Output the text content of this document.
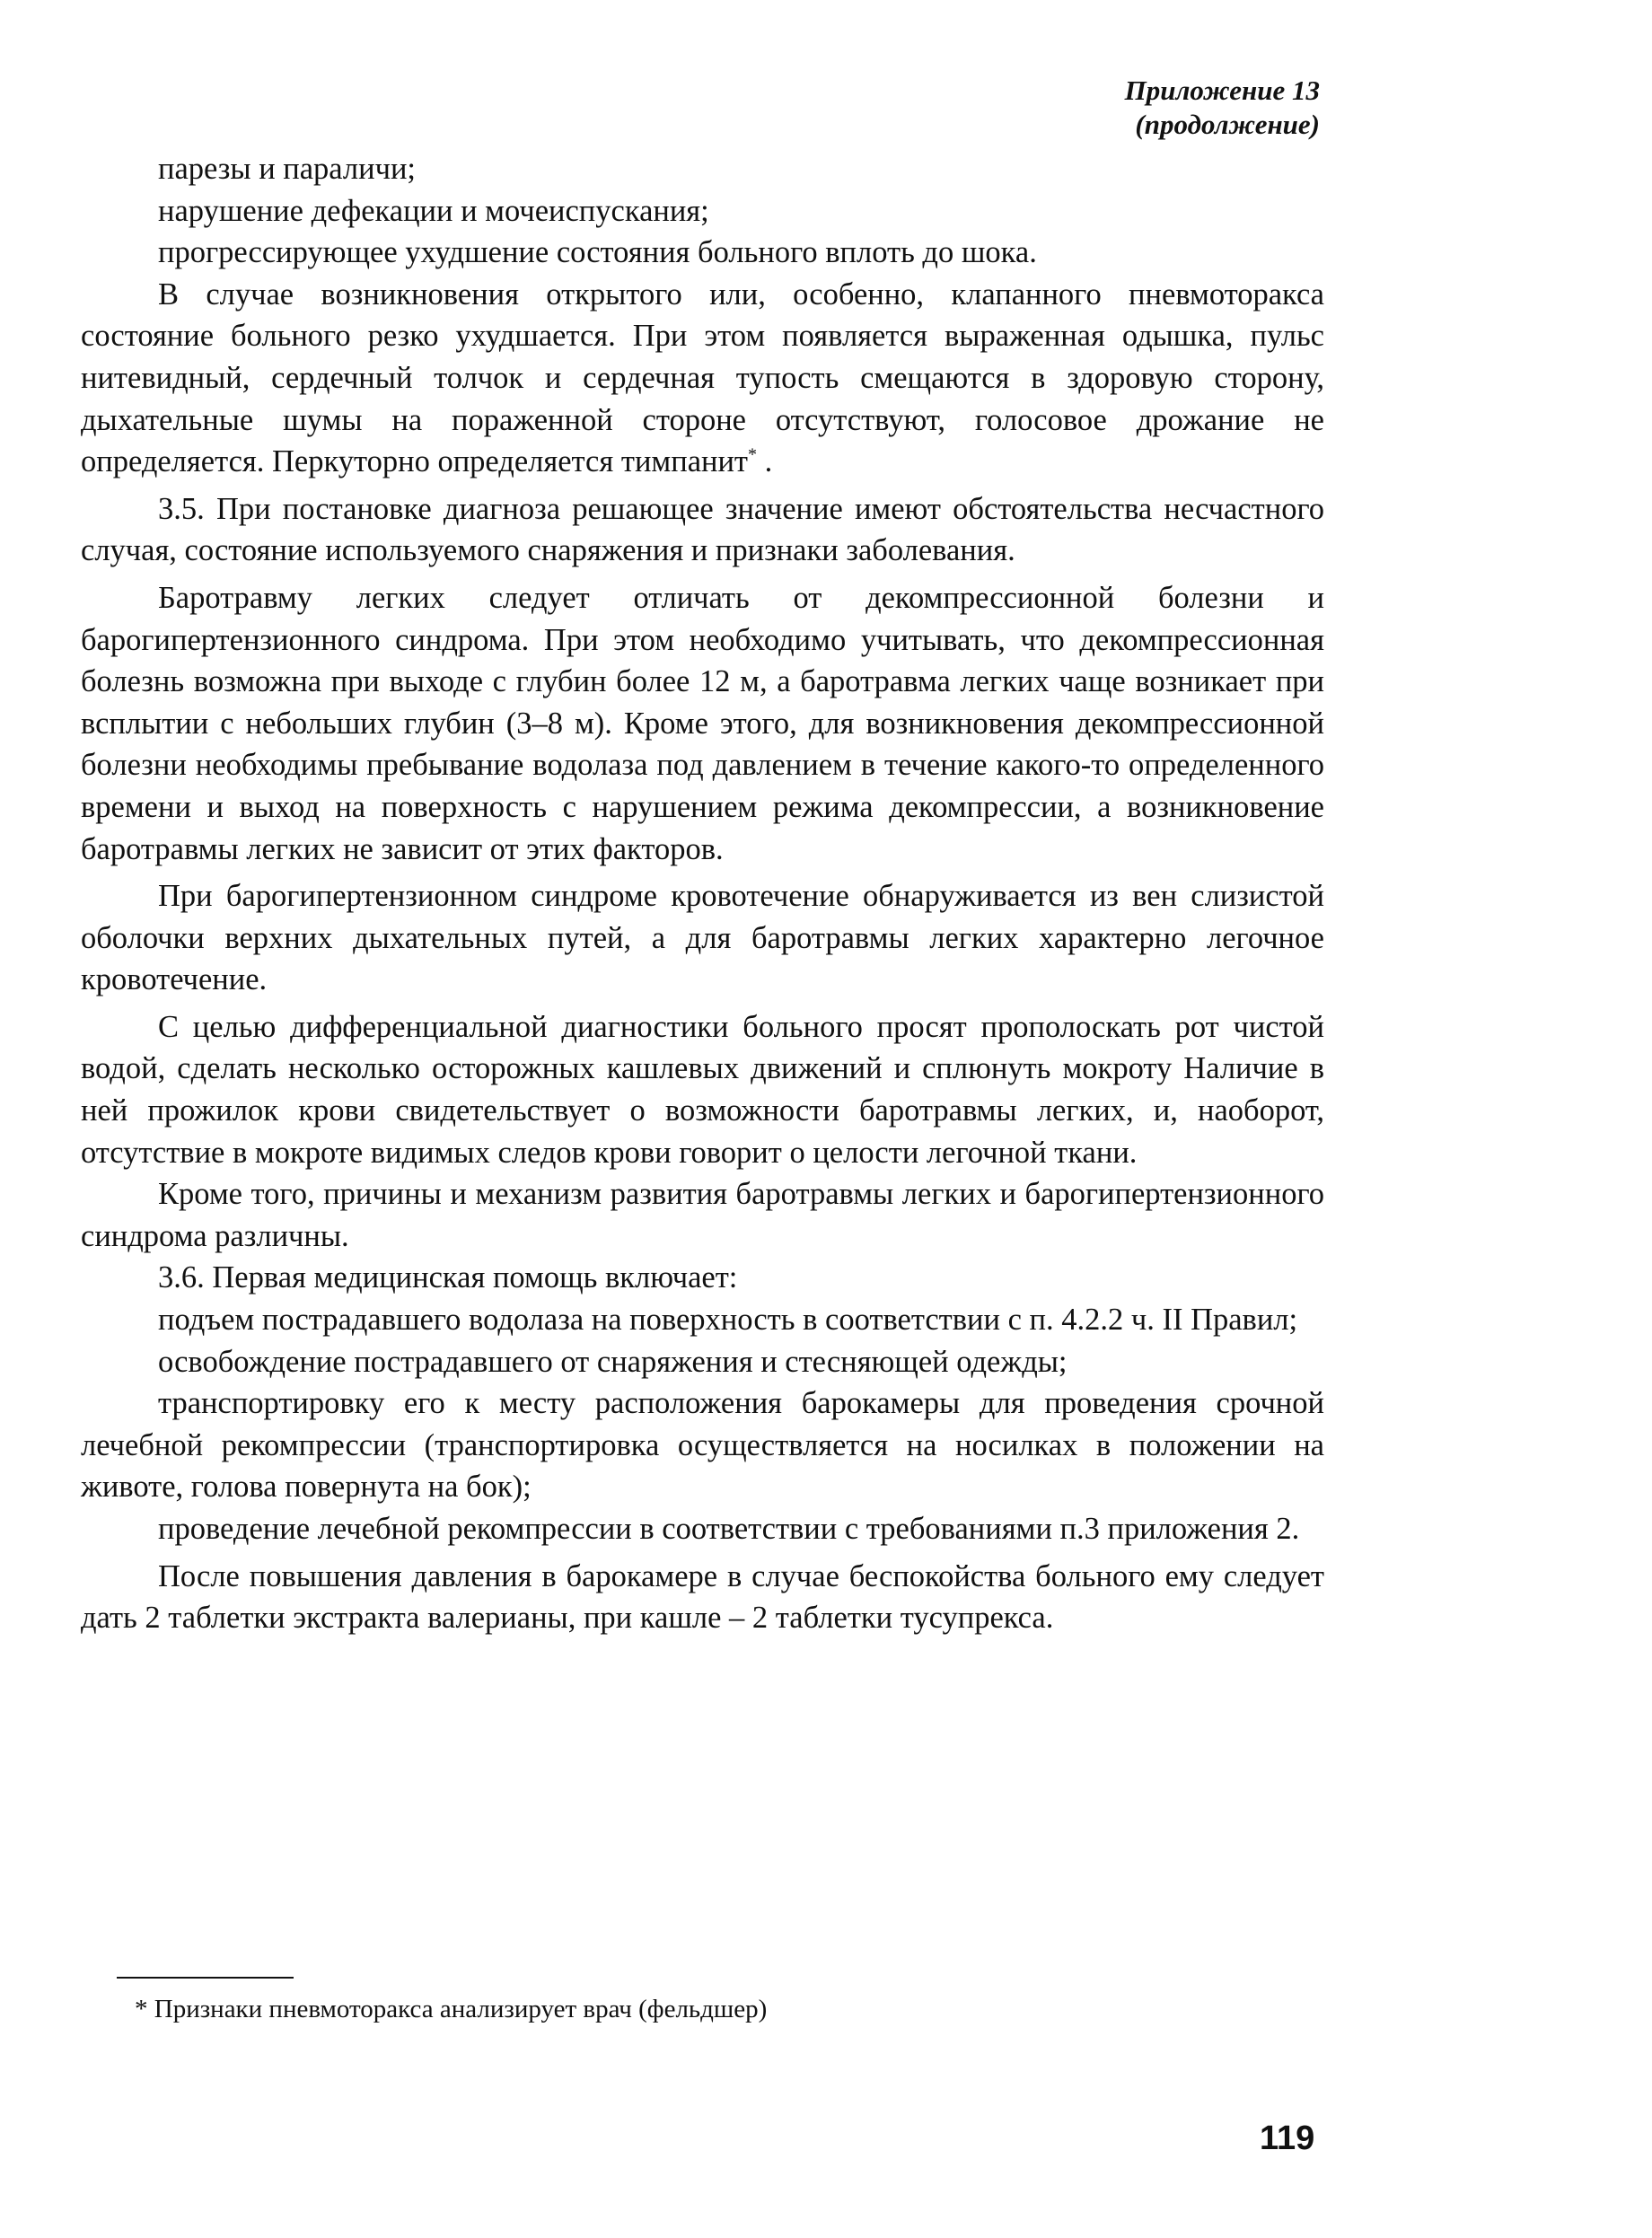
Приложение 13
(продолжение)

парезы и параличи;

нарушение дефекации и мочеиспускания;

прогрессирующее ухудшение состояния больного вплоть до шока.

В случае возникновения открытого или, особенно, клапанного пневмоторакса состояние больного резко ухудшается. При этом появляется выраженная одышка, пульс нитевидный, сердечный толчок и сердечная тупость смещаются в здоровую сторону, дыхательные шумы на пораженной стороне отсутствуют, голосовое дрожание не определяется. Перкуторно определяется тимпанит* .

3.5. При постановке диагноза решающее значение имеют обстоятельства несчастного случая, состояние используемого снаряжения и признаки заболевания.

Баротравму легких следует отличать от декомпрессионной болезни и барогипертензионного синдрома. При этом необходимо учитывать, что декомпрессионная болезнь возможна при выходе с глубин более 12 м, а баротравма легких чаще возникает при всплытии с небольших глубин (3–8 м). Кроме этого, для возникновения декомпрессионной болезни необходимы пребывание водолаза под давлением в течение какого-то определенного времени и выход на поверхность с нарушением режима декомпрессии, а возникновение баротравмы легких не зависит от этих факторов.

При барогипертензионном синдроме кровотечение обнаруживается из вен слизистой оболочки верхних дыхательных путей, а для баротравмы легких характерно легочное кровотечение.

С целью дифференциальной диагностики больного просят прополоскать рот чистой водой, сделать несколько осторожных кашлевых движений и сплюнуть мокроту Наличие в ней прожилок крови свидетельствует о возможности баротравмы легких, и, наоборот, отсутствие в мокроте видимых следов крови говорит о целости легочной ткани.

Кроме того, причины и механизм развития баротравмы легких и барогипертензионного синдрома различны.

3.6. Первая медицинская помощь включает:

подъем пострадавшего водолаза на поверхность в соответствии с п. 4.2.2 ч. II Правил;

освобождение пострадавшего от снаряжения и стесняющей одежды;

транспортировку его к месту расположения барокамеры для проведения срочной лечебной рекомпрессии (транспортировка осуществляется на носилках в положении на животе, голова повернута на бок);

проведение лечебной рекомпрессии в соответствии с требованиями п.3 приложения 2.

После повышения давления в барокамере в случае беспокойства больного ему следует дать 2 таблетки экстракта валерианы, при кашле – 2 таблетки тусупрекса.

* Признаки пневмоторакса анализирует врач (фельдшер)
119
